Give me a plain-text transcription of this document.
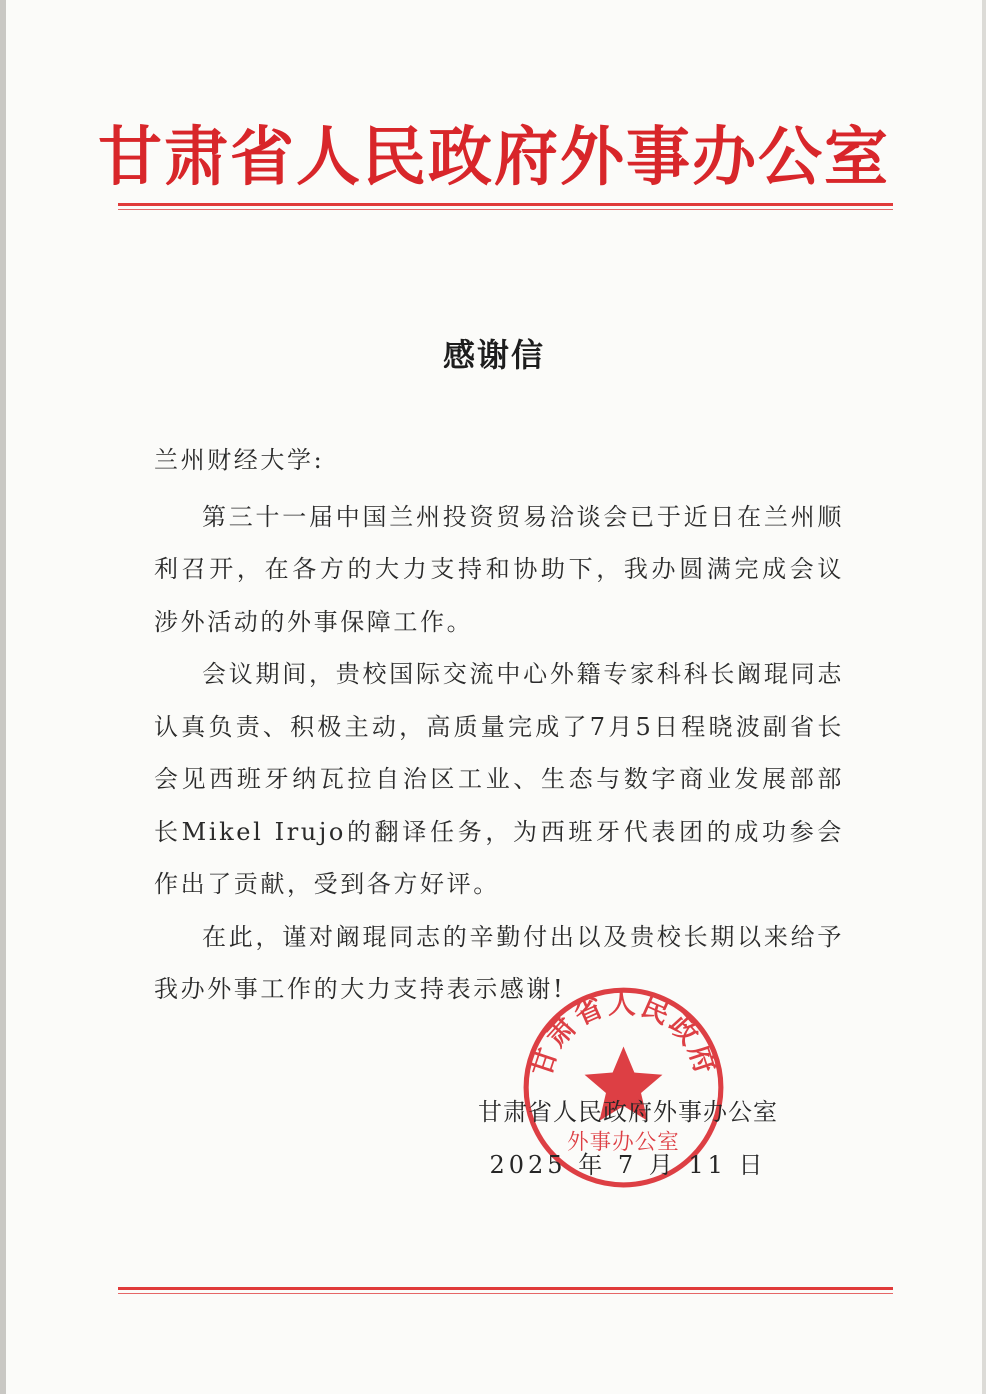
甘肃省人民政府外事办公室
感谢信

兰州财经大学:

第三十一届中国兰州投资贸易洽谈会已于近日在兰州顺利召开，在各方的大力支持和协助下，我办圆满完成会议涉外活动的外事保障工作。

会议期间，贵校国际交流中心外籍专家科科长阚琨同志认真负责、积极主动，高质量完成了7月5日程晓波副省长会见西班牙纳瓦拉自治区工业、生态与数字商业发展部部长Mikel Irujo的翻译任务，为西班牙代表团的成功参会作出了贡献，受到各方好评。

在此，谨对阚琨同志的辛勤付出以及贵校长期以来给予我办外事工作的大力支持表示感谢!

甘肃省人民政府
外事办公室
甘肃省人民政府外事办公室
2025 年 7 月 11 日
